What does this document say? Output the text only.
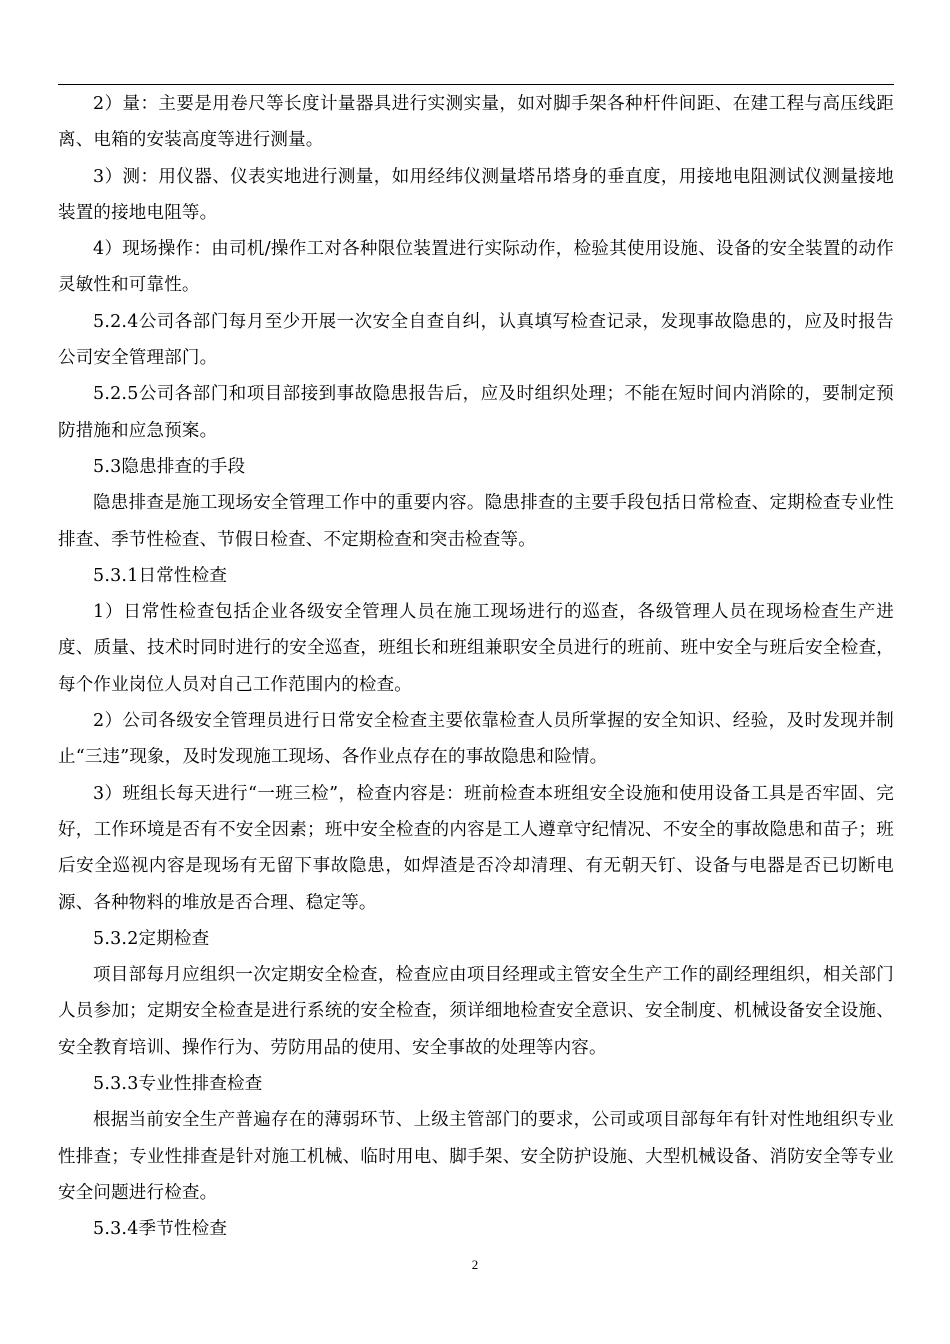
2）量：主要是用卷尺等长度计量器具进行实测实量，如对脚手架各种杆件间距、在建工程与高压线距离、电箱的安装高度等进行测量。

3）测：用仪器、仪表实地进行测量，如用经纬仪测量塔吊塔身的垂直度，用接地电阻测试仪测量接地装置的接地电阻等。

4）现场操作：由司机/操作工对各种限位装置进行实际动作，检验其使用设施、设备的安全装置的动作灵敏性和可靠性。

5.2.4公司各部门每月至少开展一次安全自查自纠，认真填写检查记录，发现事故隐患的，应及时报告公司安全管理部门。

5.2.5公司各部门和项目部接到事故隐患报告后，应及时组织处理；不能在短时间内消除的，要制定预防措施和应急预案。

5.3隐患排查的手段

隐患排查是施工现场安全管理工作中的重要内容。隐患排查的主要手段包括日常检查、定期检查专业性排查、季节性检查、节假日检查、不定期检查和突击检查等。

5.3.1日常性检查

1）日常性检查包括企业各级安全管理人员在施工现场进行的巡查，各级管理人员在现场检查生产进度、质量、技术时同时进行的安全巡查，班组长和班组兼职安全员进行的班前、班中安全与班后安全检查，每个作业岗位人员对自己工作范围内的检查。

2）公司各级安全管理员进行日常安全检查主要依靠检查人员所掌握的安全知识、经验，及时发现并制止“三违”现象，及时发现施工现场、各作业点存在的事故隐患和险情。

3）班组长每天进行“一班三检”，检查内容是：班前检查本班组安全设施和使用设备工具是否牢固、完好，工作环境是否有不安全因素；班中安全检查的内容是工人遵章守纪情况、不安全的事故隐患和苗子；班后安全巡视内容是现场有无留下事故隐患，如焊渣是否冷却清理、有无朝天钉、设备与电器是否已切断电源、各种物料的堆放是否合理、稳定等。

5.3.2定期检查

项目部每月应组织一次定期安全检查，检查应由项目经理或主管安全生产工作的副经理组织，相关部门人员参加；定期安全检查是进行系统的安全检查，须详细地检查安全意识、安全制度、机械设备安全设施、安全教育培训、操作行为、劳防用品的使用、安全事故的处理等内容。

5.3.3专业性排查检查

根据当前安全生产普遍存在的薄弱环节、上级主管部门的要求，公司或项目部每年有针对性地组织专业性排查；专业性排查是针对施工机械、临时用电、脚手架、安全防护设施、大型机械设备、消防安全等专业安全问题进行检查。

5.3.4季节性检查

2
